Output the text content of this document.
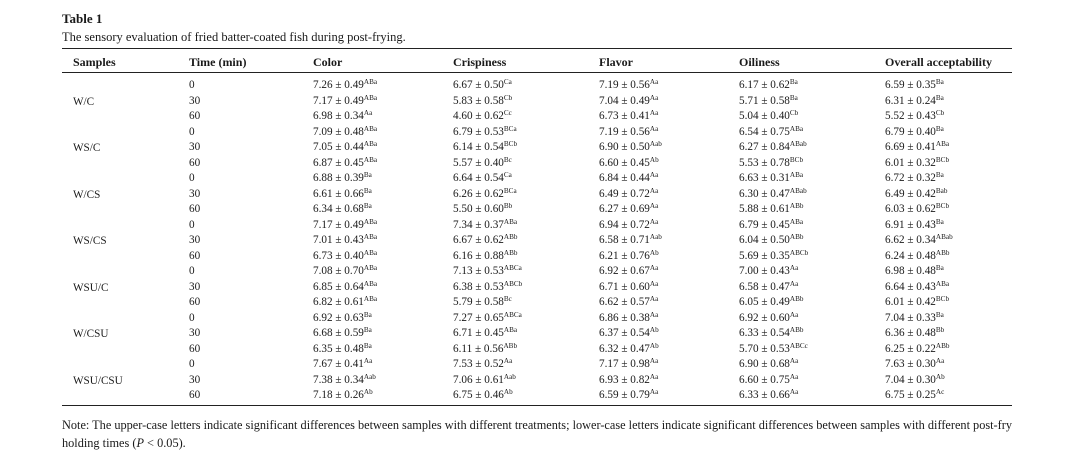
Table 1
The sensory evaluation of fried batter-coated fish during post-frying.
Samples	Time (min)	Color	Crispiness	Flavor	Oiliness	Overall acceptability
W/C
0	$7.26 \pm 0.49^{ABa}$	$6.67 \pm 0.50^{Ca}$	$7.19 \pm 0.56^{Aa}$	$6.17 \pm 0.62^{Ba}$	$6.59 \pm 0.35^{Ba}$
30	$7.17 \pm 0.49^{ABa}$	$5.83 \pm 0.58^{Cb}$	$7.04 \pm 0.49^{Aa}$	$5.71 \pm 0.58^{Ba}$	$6.31 \pm 0.24^{Ba}$
60	$6.98 \pm 0.34^{Aa}$	$4.60 \pm 0.62^{Cc}$	$6.73 \pm 0.41^{Aa}$	$5.04 \pm 0.40^{Cb}$	$5.52 \pm 0.43^{Cb}$
WS/C
0	$7.09 \pm 0.48^{ABa}$	$6.79 \pm 0.53^{BCa}$	$7.19 \pm 0.56^{Aa}$	$6.54 \pm 0.75^{ABa}$	$6.79 \pm 0.40^{Ba}$
30	$7.05 \pm 0.44^{ABa}$	$6.14 \pm 0.54^{BCb}$	$6.90 \pm 0.50^{Aab}$	$6.27 \pm 0.84^{ABab}$	$6.69 \pm 0.41^{ABa}$
60	$6.87 \pm 0.45^{ABa}$	$5.57 \pm 0.40^{Bc}$	$6.60 \pm 0.45^{Ab}$	$5.53 \pm 0.78^{BCb}$	$6.01 \pm 0.32^{BCb}$
W/CS
0	$6.88 \pm 0.39^{Ba}$	$6.64 \pm 0.54^{Ca}$	$6.84 \pm 0.44^{Aa}$	$6.63 \pm 0.31^{ABa}$	$6.72 \pm 0.32^{Ba}$
30	$6.61 \pm 0.66^{Ba}$	$6.26 \pm 0.62^{BCa}$	$6.49 \pm 0.72^{Aa}$	$6.30 \pm 0.47^{ABab}$	$6.49 \pm 0.42^{Bab}$
60	$6.34 \pm 0.68^{Ba}$	$5.50 \pm 0.60^{Bb}$	$6.27 \pm 0.69^{Aa}$	$5.88 \pm 0.61^{ABb}$	$6.03 \pm 0.62^{BCb}$
WS/CS
0	$7.17 \pm 0.49^{ABa}$	$7.34 \pm 0.37^{ABa}$	$6.94 \pm 0.72^{Aa}$	$6.79 \pm 0.45^{ABa}$	$6.91 \pm 0.43^{Ba}$
30	$7.01 \pm 0.43^{ABa}$	$6.67 \pm 0.62^{ABb}$	$6.58 \pm 0.71^{Aab}$	$6.04 \pm 0.50^{ABb}$	$6.62 \pm 0.34^{ABab}$
60	$6.73 \pm 0.40^{ABa}$	$6.16 \pm 0.88^{ABb}$	$6.21 \pm 0.76^{Ab}$	$5.69 \pm 0.35^{ABCb}$	$6.24 \pm 0.48^{ABb}$
WSU/C
0	$7.08 \pm 0.70^{ABa}$	$7.13 \pm 0.53^{ABCa}$	$6.92 \pm 0.67^{Aa}$	$7.00 \pm 0.43^{Aa}$	$6.98 \pm 0.48^{Ba}$
30	$6.85 \pm 0.64^{ABa}$	$6.38 \pm 0.53^{ABCb}$	$6.71 \pm 0.60^{Aa}$	$6.58 \pm 0.47^{Aa}$	$6.64 \pm 0.43^{ABa}$
60	$6.82 \pm 0.61^{ABa}$	$5.79 \pm 0.58^{Bc}$	$6.62 \pm 0.57^{Aa}$	$6.05 \pm 0.49^{ABb}$	$6.01 \pm 0.42^{BCb}$
W/CSU
0	$6.92 \pm 0.63^{Ba}$	$7.27 \pm 0.65^{ABCa}$	$6.86 \pm 0.38^{Aa}$	$6.92 \pm 0.60^{Aa}$	$7.04 \pm 0.33^{Ba}$
30	$6.68 \pm 0.59^{Ba}$	$6.71 \pm 0.45^{ABa}$	$6.37 \pm 0.54^{Ab}$	$6.33 \pm 0.54^{ABb}$	$6.36 \pm 0.48^{Bb}$
60	$6.35 \pm 0.48^{Ba}$	$6.11 \pm 0.56^{ABb}$	$6.32 \pm 0.47^{Ab}$	$5.70 \pm 0.53^{ABCc}$	$6.25 \pm 0.22^{ABb}$
WSU/CSU
0	$7.67 \pm 0.41^{Aa}$	$7.53 \pm 0.52^{Aa}$	$7.17 \pm 0.98^{Aa}$	$6.90 \pm 0.68^{Aa}$	$7.63 \pm 0.30^{Aa}$
30	$7.38 \pm 0.34^{Aab}$	$7.06 \pm 0.61^{Aab}$	$6.93 \pm 0.82^{Aa}$	$6.60 \pm 0.75^{Aa}$	$7.04 \pm 0.30^{Ab}$
60	$7.18 \pm 0.26^{Ab}$	$6.75 \pm 0.46^{Ab}$	$6.59 \pm 0.79^{Aa}$	$6.33 \pm 0.66^{Aa}$	$6.75 \pm 0.25^{Ac}$
Note: The upper-case letters indicate significant differences between samples with different treatments; lower-case letters indicate significant differences between samples with different post-fry holding times (P < 0.05).
